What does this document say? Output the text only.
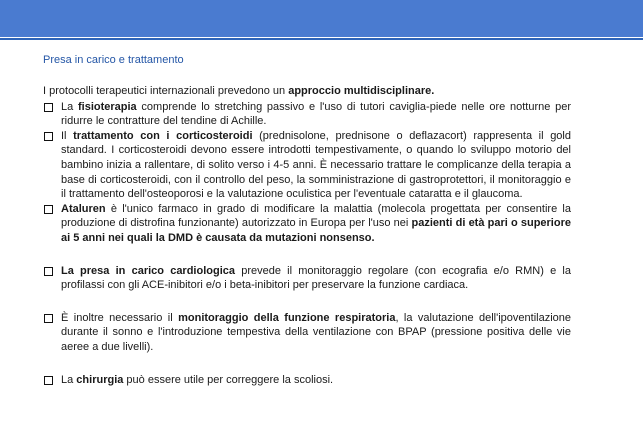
Presa in carico e trattamento

I protocolli terapeutici internazionali prevedono un approccio multidisciplinare.

La fisioterapia comprende lo stretching passivo e l'uso di tutori caviglia-piede nelle ore notturne per ridurre le contratture del tendine di Achille.
Il trattamento con i corticosteroidi (prednisolone, prednisone o deflazacort) rappresenta il gold standard. I corticosteroidi devono essere introdotti tempestivamente, o quando lo sviluppo motorio del bambino inizia a rallentare, di solito verso i 4-5 anni. È necessario trattare le complicanze della terapia a base di corticosteroidi, con il controllo del peso, la somministrazione di gastroprotettori, il monitoraggio e il trattamento dell'osteoporosi e la valutazione oculistica per l'eventuale cataratta e il glaucoma.
Ataluren è l'unico farmaco in grado di modificare la malattia (molecola progettata per consentire la produzione di distrofina funzionante) autorizzato in Europa per l'uso nei pazienti di età pari o superiore ai 5 anni nei quali la DMD è causata da mutazioni nonsenso.
La presa in carico cardiologica prevede il monitoraggio regolare (con ecografia e/o RMN) e la profilassi con gli ACE-inibitori e/o i beta-inibitori per preservare la funzione cardiaca.
È inoltre necessario il monitoraggio della funzione respiratoria, la valutazione dell'ipoventilazione durante il sonno e l'introduzione tempestiva della ventilazione con BPAP (pressione positiva delle vie aeree a due livelli).
La chirurgia può essere utile per correggere la scoliosi.
